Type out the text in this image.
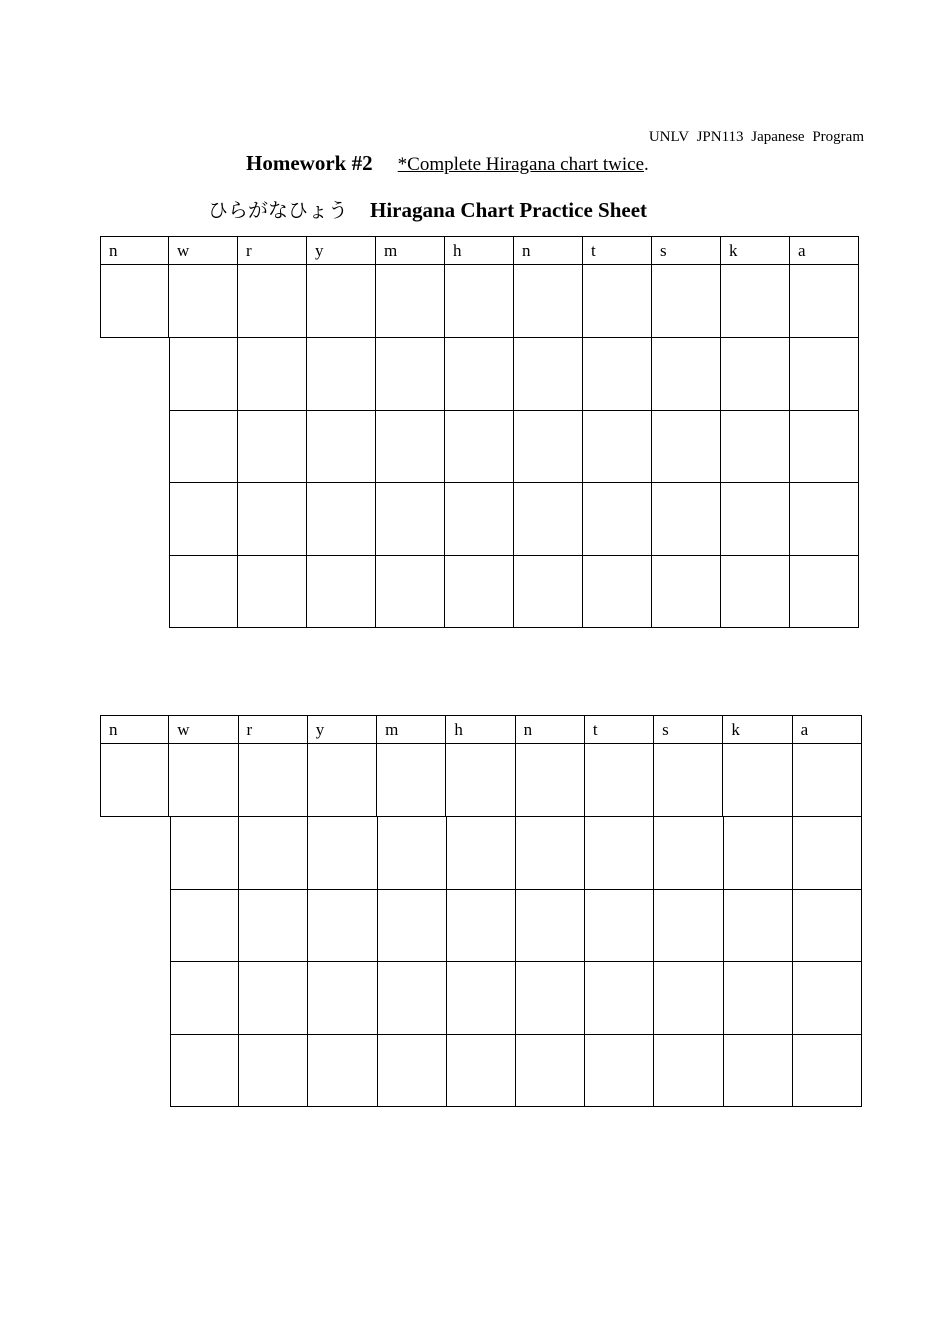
UNLV JPN113 Japanese Program
Homework #2 *Complete Hiragana chart twice.
ひらがなひょう Hiragana Chart Practice Sheet
n	w	r	y	m	h	n	t	s	k	a
n	w	r	y	m	h	n	t	s	k	a
